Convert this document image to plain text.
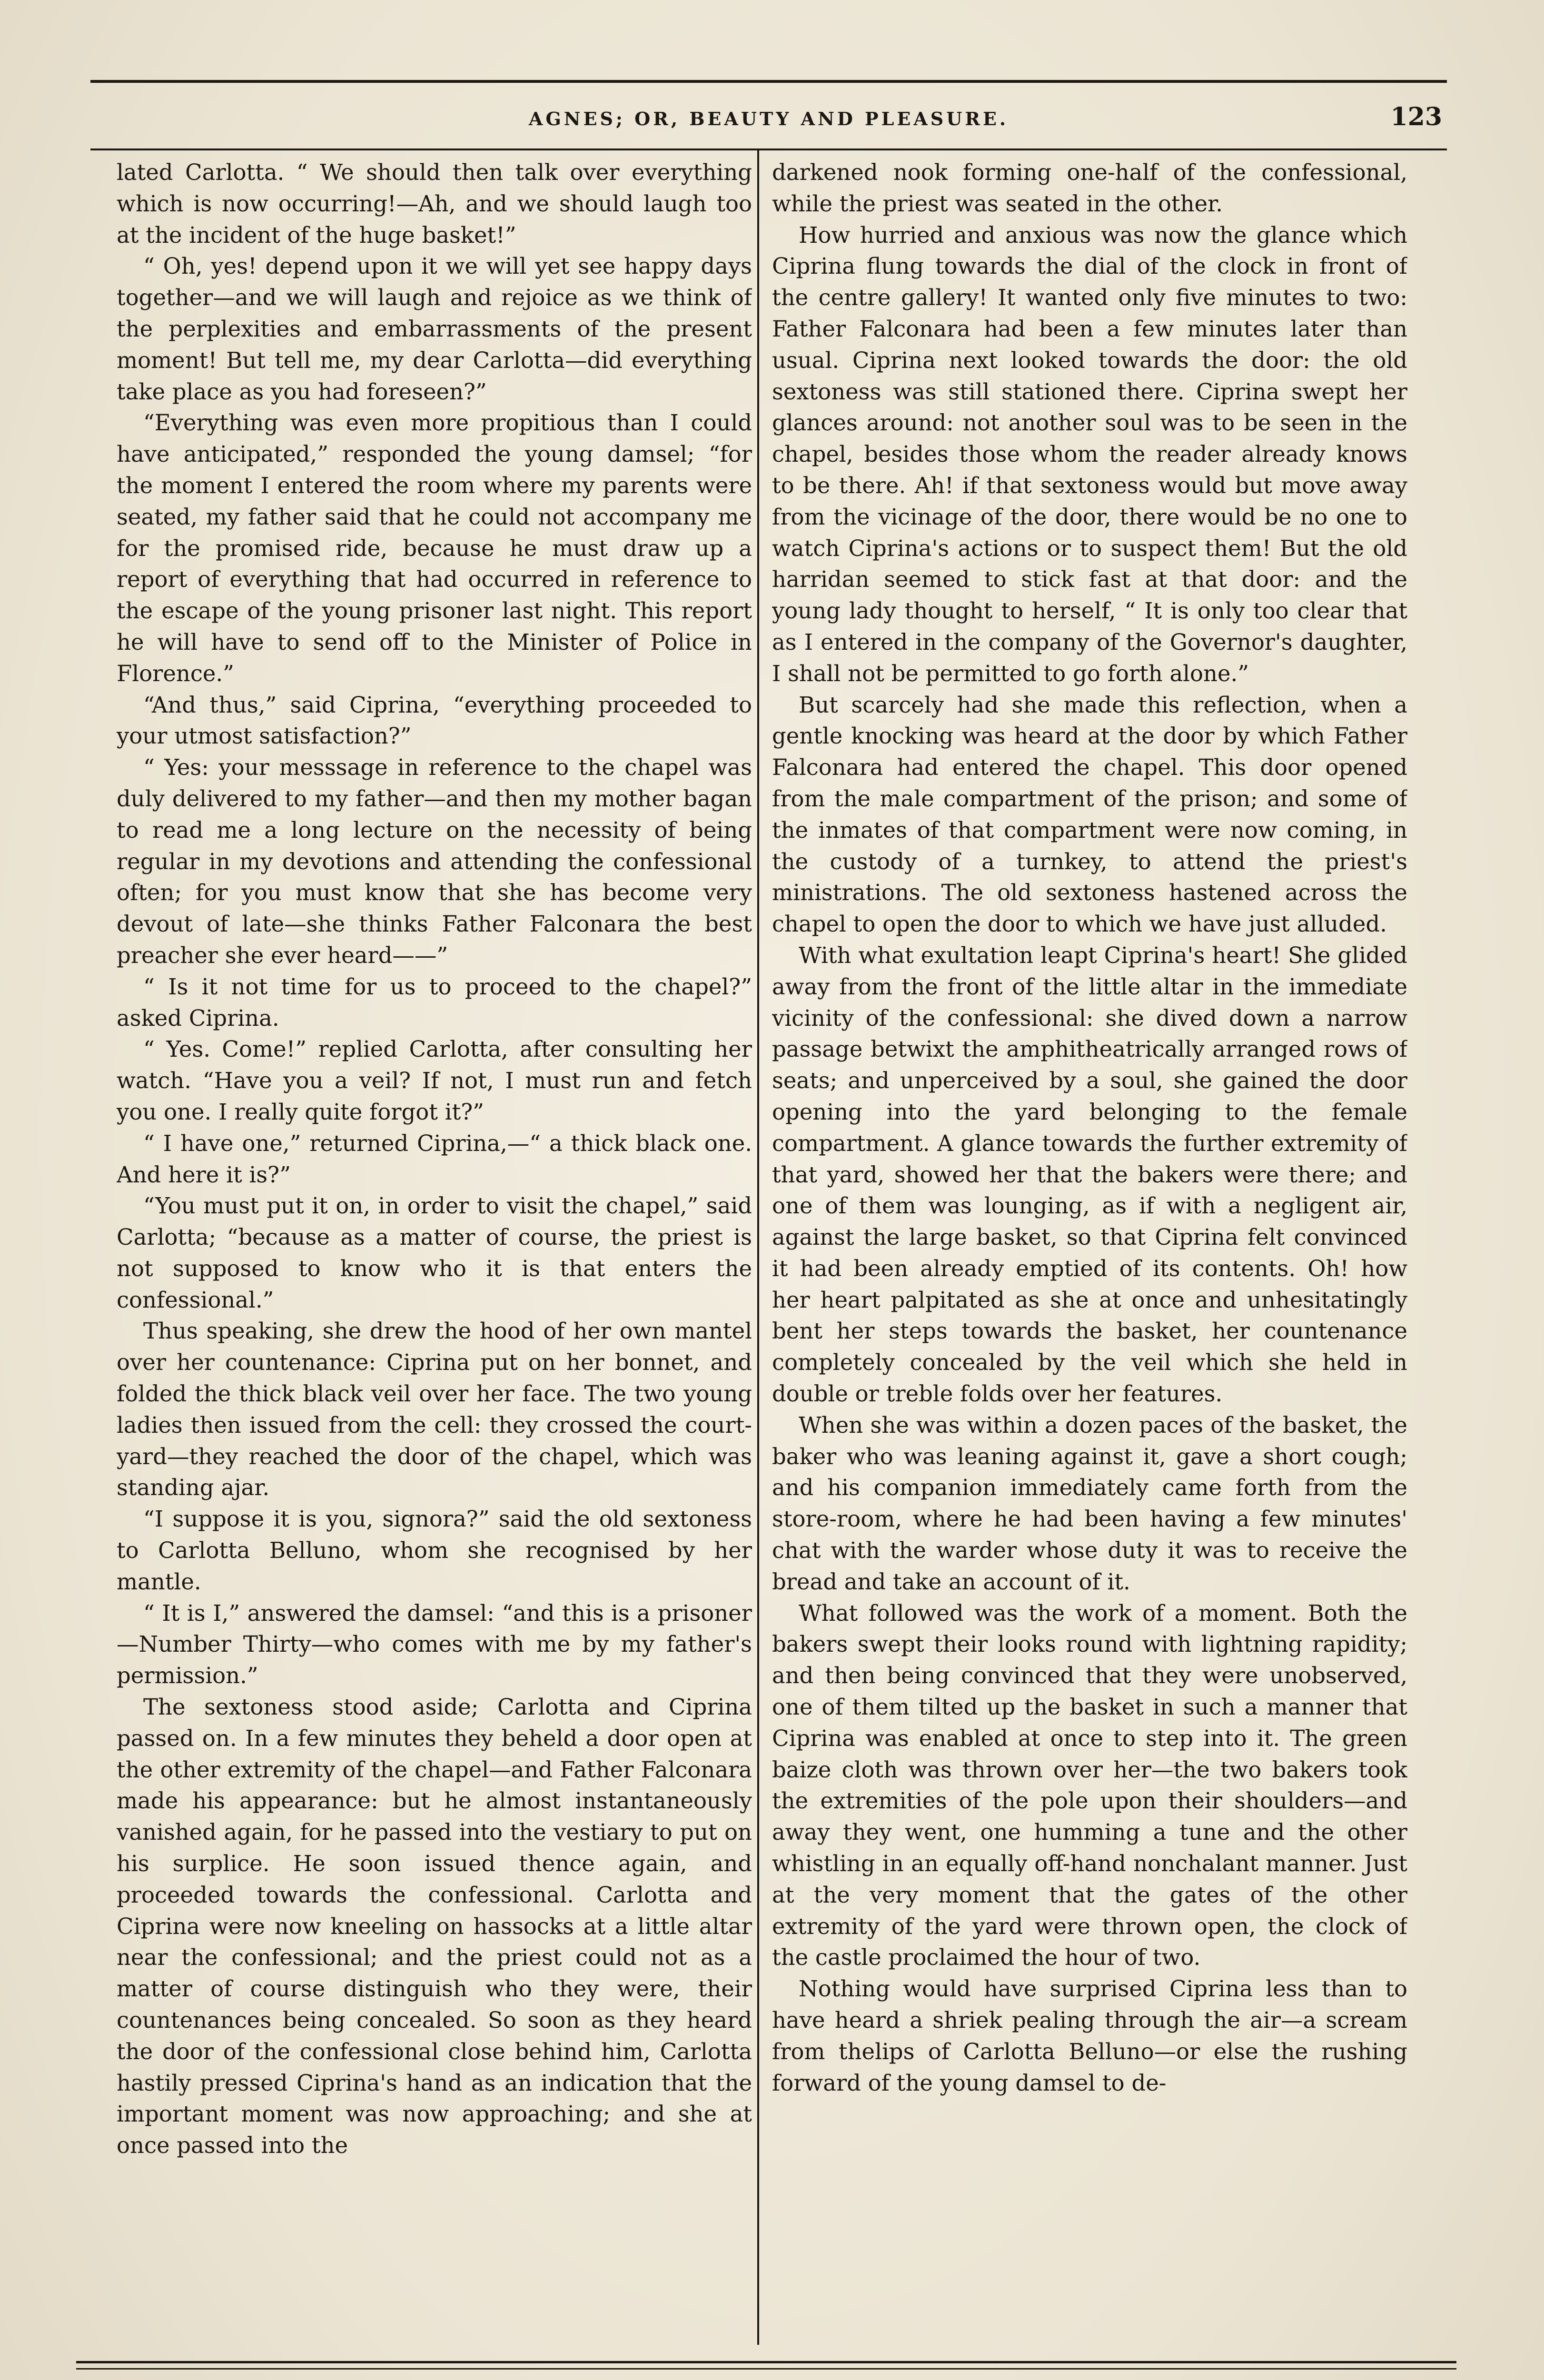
AGNES; OR, BEAUTY AND PLEASURE.	123

lated Carlotta. “ We should then talk over everything which is now occurring!—Ah, and we should laugh too at the incident of the huge basket!”

“ Oh, yes! depend upon it we will yet see happy days together—and we will laugh and rejoice as we think of the perplexities and embarrassments of the present moment! But tell me, my dear Carlotta—did everything take place as you had foreseen?”

“Everything was even more propitious than I could have anticipated,” responded the young damsel; “for the moment I entered the room where my parents were seated, my father said that he could not accompany me for the promised ride, because he must draw up a report of everything that had occurred in reference to the escape of the young prisoner last night. This report he will have to send off to the Minister of Police in Florence.”

“And thus,” said Ciprina, “everything proceeded to your utmost satisfaction?”

“ Yes: your messsage in reference to the chapel was duly delivered to my father—and then my mother bagan to read me a long lecture on the necessity of being regular in my devotions and attending the confessional often; for you must know that she has become very devout of late—she thinks Father Falconara the best preacher she ever heard——”

“ Is it not time for us to proceed to the chapel?” asked Ciprina.

“ Yes. Come!” replied Carlotta, after consulting her watch. “Have you a veil? If not, I must run and fetch you one. I really quite forgot it?”

“ I have one,” returned Ciprina,—“ a thick black one. And here it is?”

“You must put it on, in order to visit the chapel,” said Carlotta; “because as a matter of course, the priest is not supposed to know who it is that enters the confessional.”

Thus speaking, she drew the hood of her own mantel over her countenance: Ciprina put on her bonnet, and folded the thick black veil over her face. The two young ladies then issued from the cell: they crossed the court-yard—they reached the door of the chapel, which was standing ajar.

“I suppose it is you, signora?” said the old sextoness to Carlotta Belluno, whom she recognised by her mantle.

“ It is I,” answered the damsel: “and this is a prisoner—Number Thirty—who comes with me by my father's permission.”

The sextoness stood aside; Carlotta and Ciprina passed on. In a few minutes they beheld a door open at the other extremity of the chapel—and Father Falconara made his appearance: but he almost instantaneously vanished again, for he passed into the vestiary to put on his surplice. He soon issued thence again, and proceeded towards the confessional. Carlotta and Ciprina were now kneeling on hassocks at a little altar near the confessional; and the priest could not as a matter of course distinguish who they were, their countenances being concealed. So soon as they heard the door of the confessional close behind him, Carlotta hastily pressed Ciprina's hand as an indication that the important moment was now approaching; and she at once passed into the

darkened nook forming one-half of the confessional, while the priest was seated in the other.

How hurried and anxious was now the glance which Ciprina flung towards the dial of the clock in front of the centre gallery! It wanted only five minutes to two: Father Falconara had been a few minutes later than usual. Ciprina next looked towards the door: the old sextoness was still stationed there. Ciprina swept her glances around: not another soul was to be seen in the chapel, besides those whom the reader already knows to be there. Ah! if that sextoness would but move away from the vicinage of the door, there would be no one to watch Ciprina's actions or to suspect them! But the old harridan seemed to stick fast at that door: and the young lady thought to herself, “ It is only too clear that as I entered in the company of the Governor's daughter, I shall not be permitted to go forth alone.”

But scarcely had she made this reflection, when a gentle knocking was heard at the door by which Father Falconara had entered the chapel. This door opened from the male compartment of the prison; and some of the inmates of that compartment were now coming, in the custody of a turnkey, to attend the priest's ministrations. The old sextoness hastened across the chapel to open the door to which we have just alluded.

With what exultation leapt Ciprina's heart! She glided away from the front of the little altar in the immediate vicinity of the confessional: she dived down a narrow passage betwixt the amphitheatrically arranged rows of seats; and unperceived by a soul, she gained the door opening into the yard belonging to the female compartment. A glance towards the further extremity of that yard, showed her that the bakers were there; and one of them was lounging, as if with a negligent air, against the large basket, so that Ciprina felt convinced it had been already emptied of its contents. Oh! how her heart palpitated as she at once and unhesitatingly bent her steps towards the basket, her countenance completely concealed by the veil which she held in double or treble folds over her features.

When she was within a dozen paces of the basket, the baker who was leaning against it, gave a short cough; and his companion immediately came forth from the store-room, where he had been having a few minutes' chat with the warder whose duty it was to receive the bread and take an account of it.

What followed was the work of a moment. Both the bakers swept their looks round with lightning rapidity; and then being convinced that they were unobserved, one of them tilted up the basket in such a manner that Ciprina was enabled at once to step into it. The green baize cloth was thrown over her—the two bakers took the extremities of the pole upon their shoulders—and away they went, one humming a tune and the other whistling in an equally off-hand nonchalant manner. Just at the very moment that the gates of the other extremity of the yard were thrown open, the clock of the castle proclaimed the hour of two.

Nothing would have surprised Ciprina less than to have heard a shriek pealing through the air—a scream from thelips of Carlotta Belluno—or else the rushing forward of the young damsel to de-
